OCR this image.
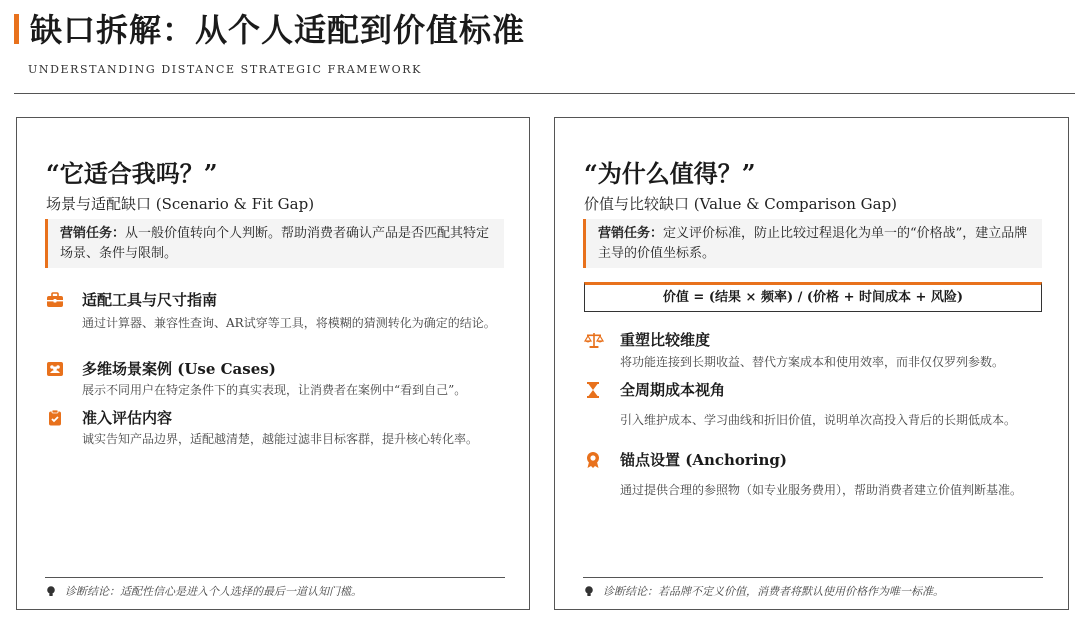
缺口拆解：从个人适配到价值标准
UNDERSTANDING DISTANCE STRATEGIC FRAMEWORK
“它适合我吗？”
场景与适配缺口 (Scenario & Fit Gap)
营销任务：从一般价值转向个人判断。帮助消费者确认产品是否匹配其特定场景、条件与限制。
适配工具与尺寸指南
通过计算器、兼容性查询、AR试穿等工具，将模糊的猜测转化为确定的结论。
多维场景案例 (Use Cases)
展示不同用户在特定条件下的真实表现，让消费者在案例中“看到自己”。
准入评估内容
诚实告知产品边界，适配越清楚，越能过滤非目标客群，提升核心转化率。
诊断结论：适配性信心是进入个人选择的最后一道认知门槛。
“为什么值得？”
价值与比较缺口 (Value & Comparison Gap)
营销任务：定义评价标准，防止比较过程退化为单一的“价格战”，建立品牌主导的价值坐标系。
价值 = (结果 × 频率) / (价格 + 时间成本 + 风险)
重塑比较维度
将功能连接到长期收益、替代方案成本和使用效率，而非仅仅罗列参数。
全周期成本视角
引入维护成本、学习曲线和折旧价值，说明单次高投入背后的长期低成本。
锚点设置 (Anchoring)
通过提供合理的参照物（如专业服务费用），帮助消费者建立价值判断基准。
诊断结论：若品牌不定义价值，消费者将默认使用价格作为唯一标准。
